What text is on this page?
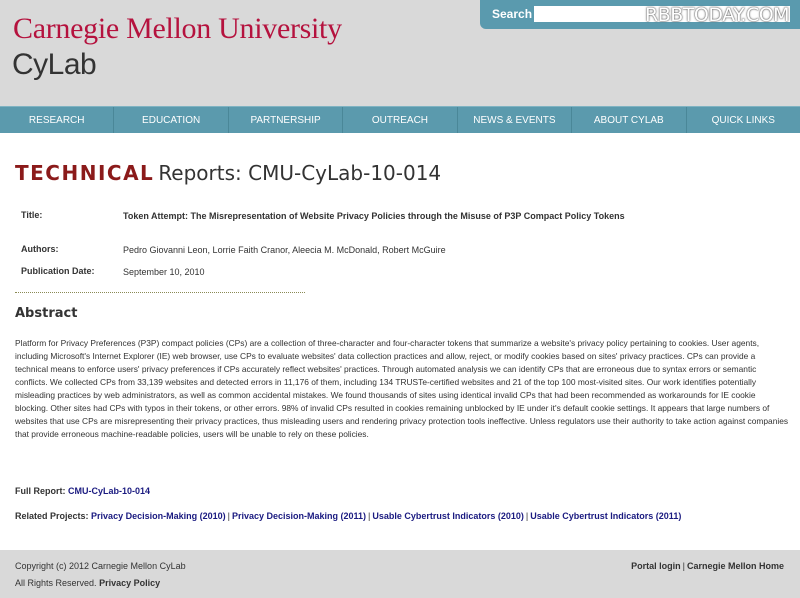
Carnegie Mellon University
CyLab
Search	RBBTODAY.COM
RESEARCH	EDUCATION	PARTNERSHIP	OUTREACH	NEWS & EVENTS	ABOUT CYLAB	QUICK LINKS
TECHNICAL Reports: CMU-CyLab-10-014
Title:	Token Attempt: The Misrepresentation of Website Privacy Policies through the Misuse of P3P Compact Policy Tokens
Authors:	Pedro Giovanni Leon, Lorrie Faith Cranor, Aleecia M. McDonald, Robert McGuire
Publication Date:	September 10, 2010
Abstract
Platform for Privacy Preferences (P3P) compact policies (CPs) are a collection of three-character and four-character tokens that summarize a website's privacy policy pertaining to cookies. User agents, including Microsoft's Internet Explorer (IE) web browser, use CPs to evaluate websites' data collection practices and allow, reject, or modify cookies based on sites' privacy practices. CPs can provide a technical means to enforce users' privacy preferences if CPs accurately reflect websites' practices. Through automated analysis we can identify CPs that are erroneous due to syntax errors or semantic conflicts. We collected CPs from 33,139 websites and detected errors in 11,176 of them, including 134 TRUSTe-certified websites and 21 of the top 100 most-visited sites. Our work identifies potentially misleading practices by web administrators, as well as common accidental mistakes. We found thousands of sites using identical invalid CPs that had been recommended as workarounds for IE cookie blocking. Other sites had CPs with typos in their tokens, or other errors. 98% of invalid CPs resulted in cookies remaining unblocked by IE under it's default cookie settings. It appears that large numbers of websites that use CPs are misrepresenting their privacy practices, thus misleading users and rendering privacy protection tools ineffective. Unless regulators use their authority to take action against companies that provide erroneous machine-readable policies, users will be unable to rely on these policies.
Full Report: CMU-CyLab-10-014
Related Projects: Privacy Decision-Making (2010) | Privacy Decision-Making (2011) | Usable Cybertrust Indicators (2010) | Usable Cybertrust Indicators (2011)
Copyright (c) 2012 Carnegie Mellon CyLab
All Rights Reserved. Privacy Policy
Portal login | Carnegie Mellon Home
